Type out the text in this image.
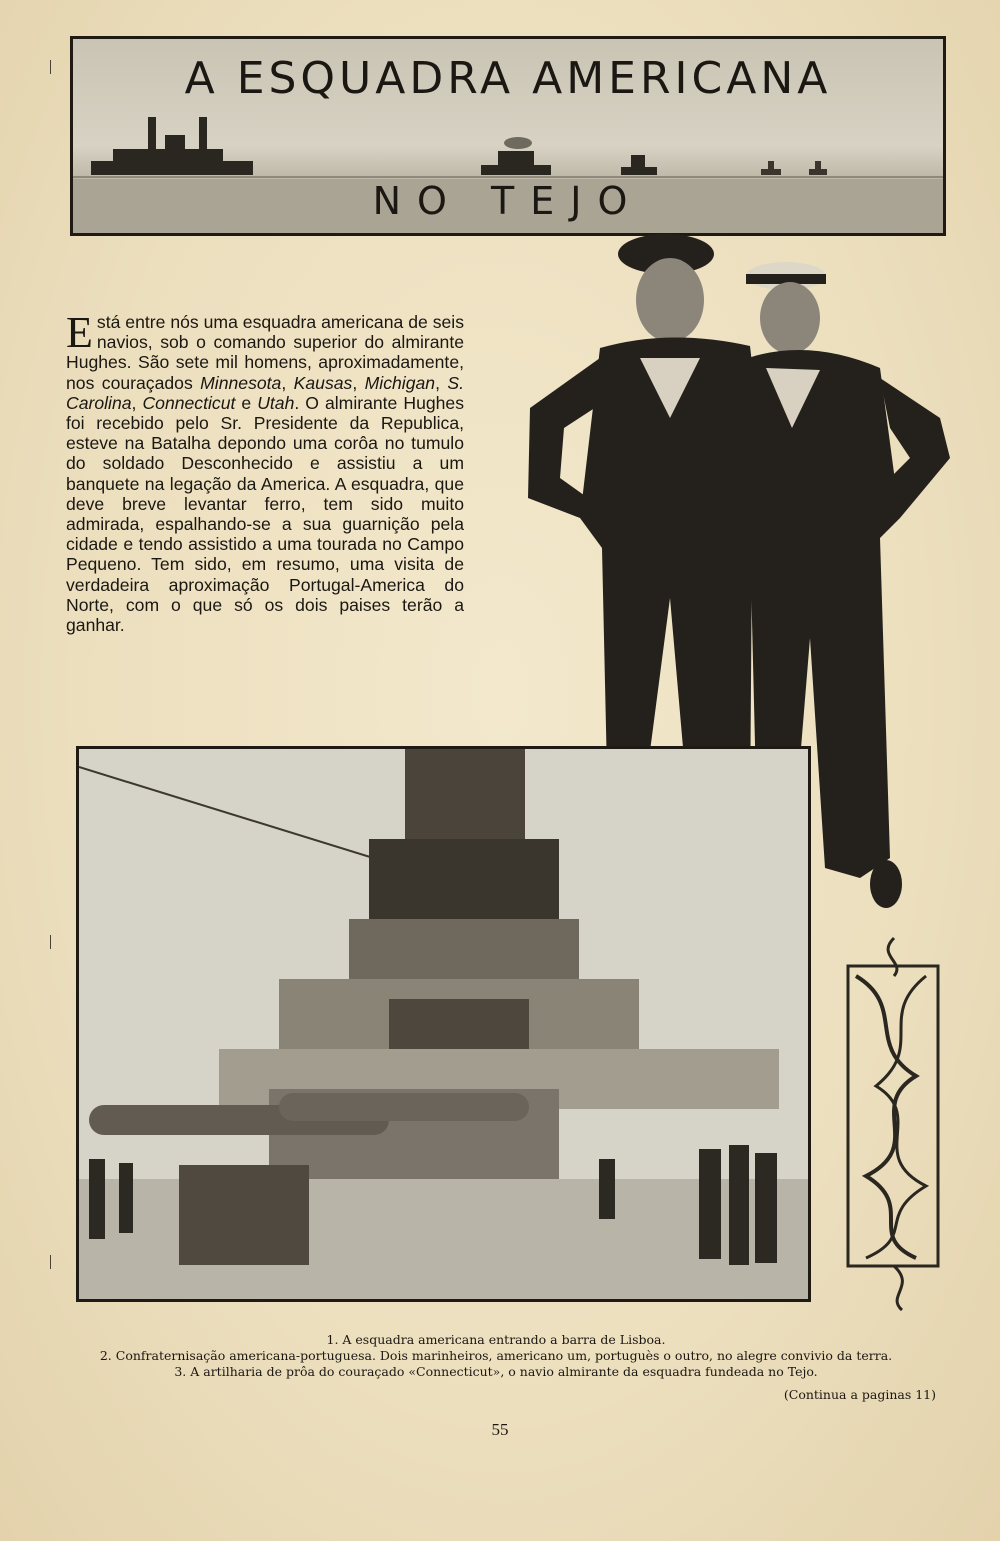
A ESQUADRA AMERICANA
NO TEJO
Está entre nós uma esquadra americana de seis navios, sob o comando superior do almirante Hughes. São sete mil homens, aproximadamente, nos couraçados Minnesota, Kausas, Michigan, S. Carolina, Connecticut e Utah. O almirante Hughes foi recebido pelo Sr. Presidente da Republica, esteve na Batalha depondo uma corôa no tumulo do soldado Desconhecido e assistiu a um banquete na legação da America. A esquadra, que deve breve levantar ferro, tem sido muito admirada, espalhando-se a sua guarnição pela cidade e tendo assistido a uma tourada no Campo Pequeno. Tem sido, em resumo, uma visita de verdadeira aproximação Portugal-America do Norte, com o que só os dois paises terão a ganhar.
1. A esquadra americana entrando a barra de Lisboa.
2. Confraternisação americana-portuguesa. Dois marinheiros, americano um, portuguès o outro, no alegre convivio da terra.
3. A artilharia de prôa do couraçado «Connecticut», o navio almirante da esquadra fundeada no Tejo.
(Continua a paginas 11)
55
